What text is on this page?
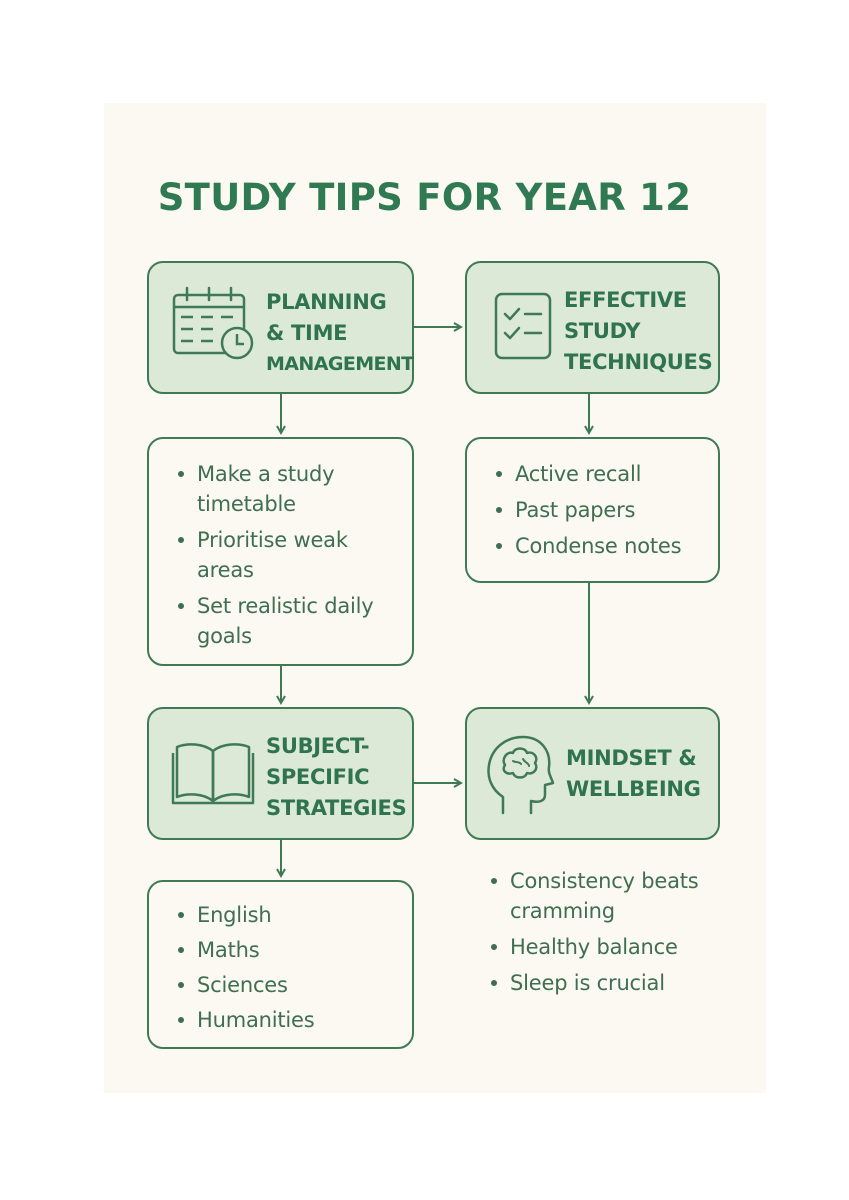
STUDY TIPS FOR YEAR 12
PLANNING
& TIME
MANAGEMENT
EFFECTIVE
STUDY
TECHNIQUES
Make a study timetable
Prioritise weak areas
Set realistic daily goals
Active recall
Past papers
Condense notes
SUBJECT-
SPECIFIC
STRATEGIES
MINDSET &
WELLBEING
English
Maths
Sciences
Humanities
Consistency beats cramming
Healthy balance
Sleep is crucial
